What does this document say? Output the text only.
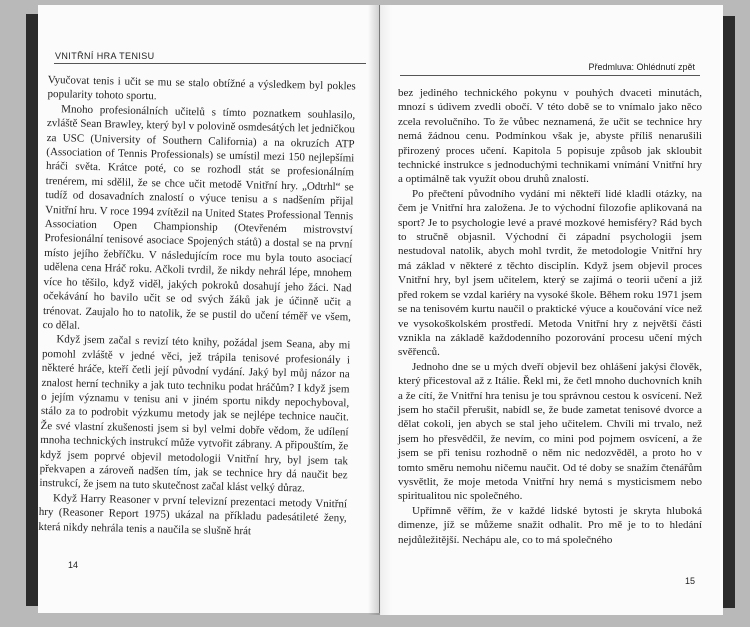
VNITŘNÍ HRA TENISU
14
Předmluva: Ohlédnutí zpět

bez jediného technického pokynu v pouhých dvaceti minutách, mnozí s údivem zvedli obočí. V této době se to vnímalo jako něco zcela revolučního. To že vůbec neznamená, že učit se technice hry nemá žádnou cenu. Podmínkou však je, abyste příliš nenarušili přirozený proces učení. Kapitola 5 popisuje způsob jak skloubit technické instrukce s jednoduchými technikami vnímání Vnitřní hry a optimálně tak využít obou druhů znalostí.

Po přečtení původního vydání mi někteří lidé kladli otázky, na čem je Vnitřní hra založena. Je to východní filozofie aplikovaná na sport? Je to psychologie levé a pravé mozkové hemisféry? Rád bych to stručně objasnil. Východní či západní psychologii jsem nestudoval natolik, abych mohl tvrdit, že metodologie Vnitřní hry má základ v některé z těchto disciplín. Když jsem objevil proces Vnitřní hry, byl jsem učitelem, který se zajímá o teorii učení a již před rokem se vzdal kariéry na vysoké škole. Během roku 1971 jsem se na tenisovém kurtu naučil o praktické výuce a koučování více než ve vysokoškolském prostředí. Metoda Vnitřní hry z největší části vznikla na základě každodenního pozorování procesu učení mých svěřenců.

Jednoho dne se u mých dveří objevil bez ohlášení jakýsi člověk, který přicestoval až z Itálie. Řekl mi, že četl mnoho duchovních knih a že cítí, že Vnitřní hra tenisu je tou správnou cestou k osvícení. Než jsem ho stačil přerušit, nabídl se, že bude zametat tenisové dvorce a dělat cokoli, jen abych se stal jeho učitelem. Chvíli mi trvalo, než jsem ho přesvědčil, že nevím, co mini pod pojmem osvícení, a že jsem se při tenisu rozhodně o něm nic nedozvěděl, a proto ho v tomto směru nemohu ničemu naučit. Od té doby se snažím čtenářům vysvětlit, že moje metoda Vnitřní hry nemá s mysticismem nebo spiritualitou nic společného.

Upřímně věřím, že v každé lidské bytosti je skryta hluboká dimenze, jíž se můžeme snažit odhalit. Pro mě je to to hledání nejdůležitější. Nechápu ale, co to má společného

15

Vyučovat tenis i učit se mu se stalo obtížné a výsledkem byl pokles popularity tohoto sportu.

Mnoho profesionálních učitelů s tímto poznatkem souhlasilo, zvláště Sean Brawley, který byl v polovině osmdesátých let jedničkou za USC (University of Southern California) a na okruzích ATP (Association of Tennis Professionals) se umístil mezi 150 nejlepšími hráči světa. Krátce poté, co se rozhodl stát se profesionálním trenérem, mi sdělil, že se chce učit metodě Vnitřní hry. „Odtrhl“ se tudíž od dosavadních znalostí o výuce tenisu a s nadšením přijal Vnitřní hru. V roce 1994 zvítězil na United States Professional Tennis Association Open Championship (Otevřeném mistrovství Profesionální tenisové asociace Spojených států) a dostal se na první místo jejího žebříčku. V následujícím roce mu byla touto asociací udělena cena Hráč roku. Ačkoli tvrdil, že nikdy nehrál lépe, mnohem více ho těšilo, když viděl, jakých pokroků dosahují jeho žáci. Nad očekávání ho bavilo učit se od svých žáků jak je účinně učit a trénovat. Zaujalo ho to natolik, že se pustil do učení téměř ve všem, co dělal.

Když jsem začal s revizí této knihy, požádal jsem Seana, aby mi pomohl zvláště v jedné věci, jež trápila tenisové profesionály i některé hráče, kteří četli její původní vydání. Jaký byl můj názor na znalost herní techniky a jak tuto techniku podat hráčům? I když jsem o jejím významu v tenisu ani v jiném sportu nikdy nepochyboval, stálo za to podrobit výzkumu metody jak se nejlépe technice naučit. Že své vlastní zkušenosti jsem si byl velmi dobře vědom, že udílení mnoha technických instrukcí může vytvořit zábrany. A připouštím, že když jsem poprvé objevil metodologii Vnitřní hry, byl jsem tak překvapen a zároveň nadšen tím, jak se technice hry dá naučit bez instrukcí, že jsem na tuto skutečnost začal klást velký důraz.

Když Harry Reasoner v první televizní prezentaci metody Vnitřní hry (Reasoner Report 1975) ukázal na příkladu padesátileté ženy, která nikdy nehrála tenis a naučila se slušně hrát
